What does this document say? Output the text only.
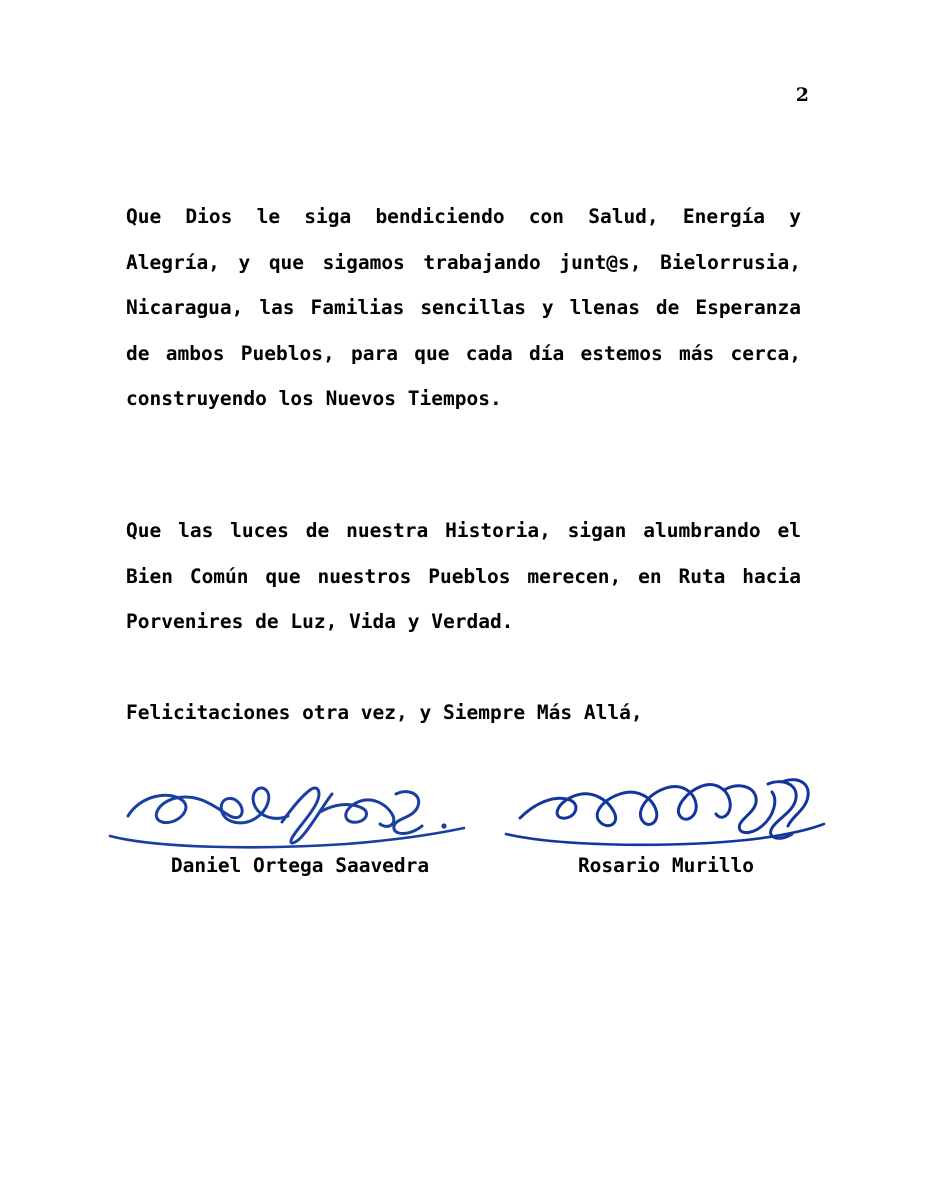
2
Que Dios le siga bendiciendo con Salud, Energía y Alegría, y que sigamos trabajando junt@s, Bielorrusia, Nicaragua, las Familias sencillas y llenas de Esperanza de ambos Pueblos, para que cada día estemos más cerca, construyendo los Nuevos Tiempos.
Que las luces de nuestra Historia, sigan alumbrando el Bien Común que nuestros Pueblos merecen, en Ruta hacia Porvenires de Luz, Vida y Verdad.
Felicitaciones otra vez, y Siempre Más Allá,
Daniel Ortega Saavedra	Rosario Murillo
